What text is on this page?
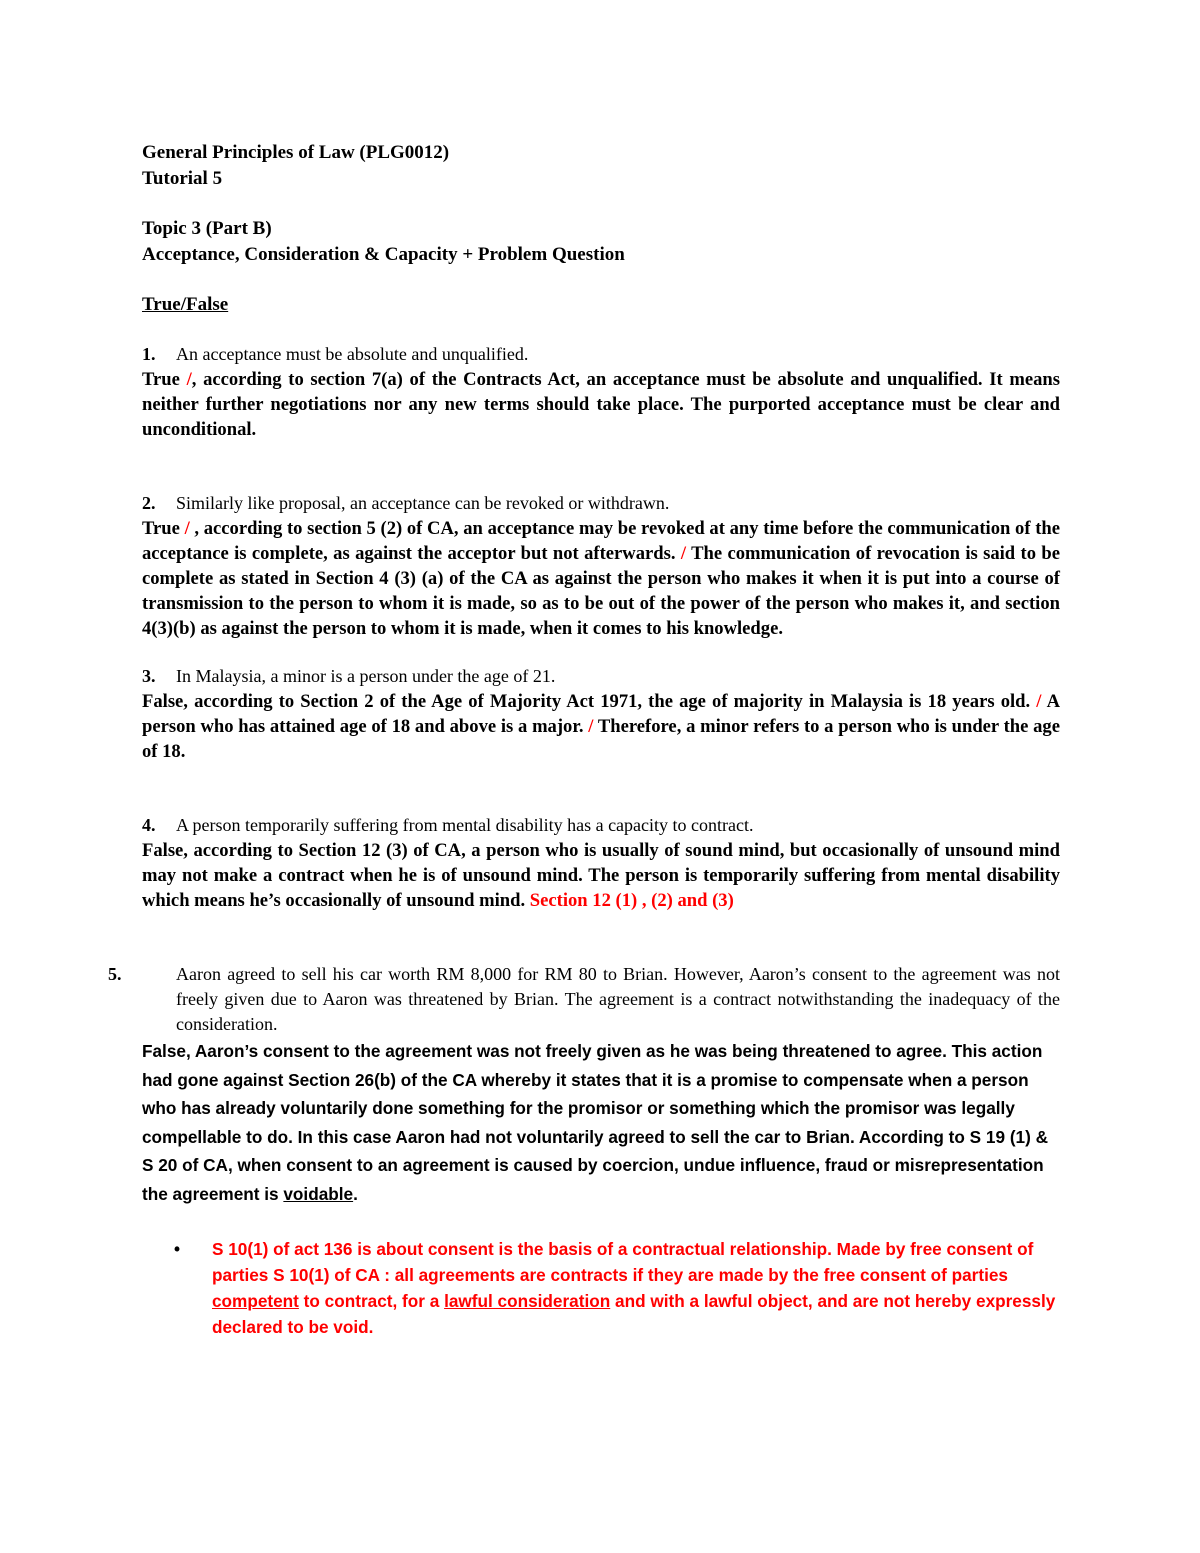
General Principles of Law (PLG0012)

Tutorial 5

Topic 3 (Part B)

Acceptance, Consideration & Capacity + Problem Question

True/False

1. An acceptance must be absolute and unqualified.

True /, according to section 7(a) of the Contracts Act, an acceptance must be absolute and unqualified. It means neither further negotiations nor any new terms should take place. The purported acceptance must be clear and unconditional.

2. Similarly like proposal, an acceptance can be revoked or withdrawn.

True / , according to section 5 (2) of CA, an acceptance may be revoked at any time before the communication of the acceptance is complete, as against the acceptor but not afterwards. / The communication of revocation is said to be complete as stated in Section 4 (3) (a) of the CA as against the person who makes it when it is put into a course of transmission to the person to whom it is made, so as to be out of the power of the person who makes it, and section 4(3)(b) as against the person to whom it is made, when it comes to his knowledge.

3. In Malaysia, a minor is a person under the age of 21.

False, according to Section 2 of the Age of Majority Act 1971, the age of majority in Malaysia is 18 years old. / A person who has attained age of 18 and above is a major. / Therefore, a minor refers to a person who is under the age of 18.

4. A person temporarily suffering from mental disability has a capacity to contract.

False, according to Section 12 (3) of CA, a person who is usually of sound mind, but occasionally of unsound mind may not make a contract when he is of unsound mind. The person is temporarily suffering from mental disability which means he’s occasionally of unsound mind. Section 12 (1) , (2) and (3)

5.	Aaron agreed to sell his car worth RM 8,000 for RM 80 to Brian. However, Aaron’s consent to the agreement was not freely given due to Aaron was threatened by Brian. The agreement is a contract notwithstanding the inadequacy of the consideration.

False, Aaron’s consent to the agreement was not freely given as he was being threatened to agree. This action had gone against Section 26(b) of the CA whereby it states that it is a promise to compensate when a person who has already voluntarily done something for the promisor or something which the promisor was legally compellable to do. In this case Aaron had not voluntarily agreed to sell the car to Brian. According to S 19 (1) & S 20 of CA, when consent to an agreement is caused by coercion, undue influence, fraud or misrepresentation the agreement is voidable.

• S 10(1) of act 136 is about consent is the basis of a contractual relationship. Made by free consent of parties S 10(1) of CA : all agreements are contracts if they are made by the free consent of parties competent to contract, for a lawful consideration and with a lawful object, and are not hereby expressly declared to be void.
